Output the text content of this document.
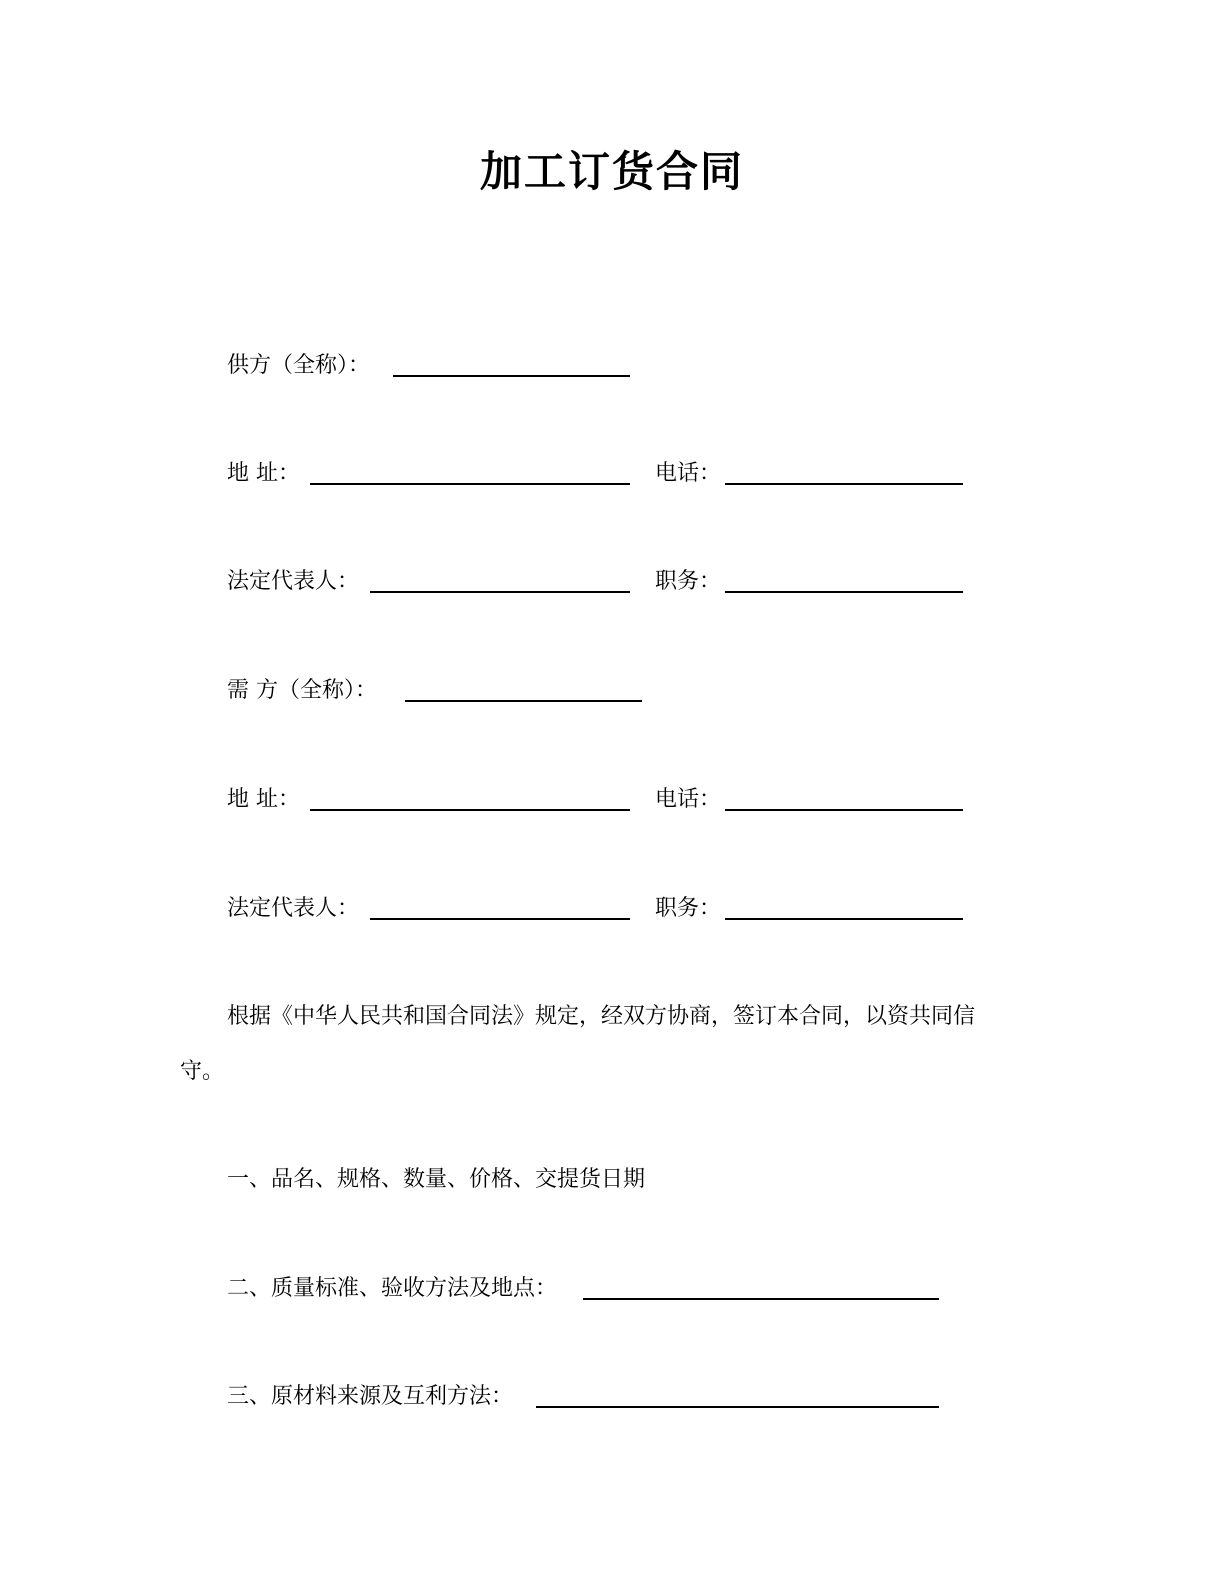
加工订货合同
供方（全称）：
地 址：	电话：
法定代表人：	职务：
需 方（全称）：
地 址：	电话：
法定代表人：	职务：
根据《中华人民共和国合同法》规定，经双方协商，签订本合同，以资共同信
守。
一、品名、规格、数量、价格、交提货日期
二、质量标准、验收方法及地点：
三、原材料来源及互利方法：
